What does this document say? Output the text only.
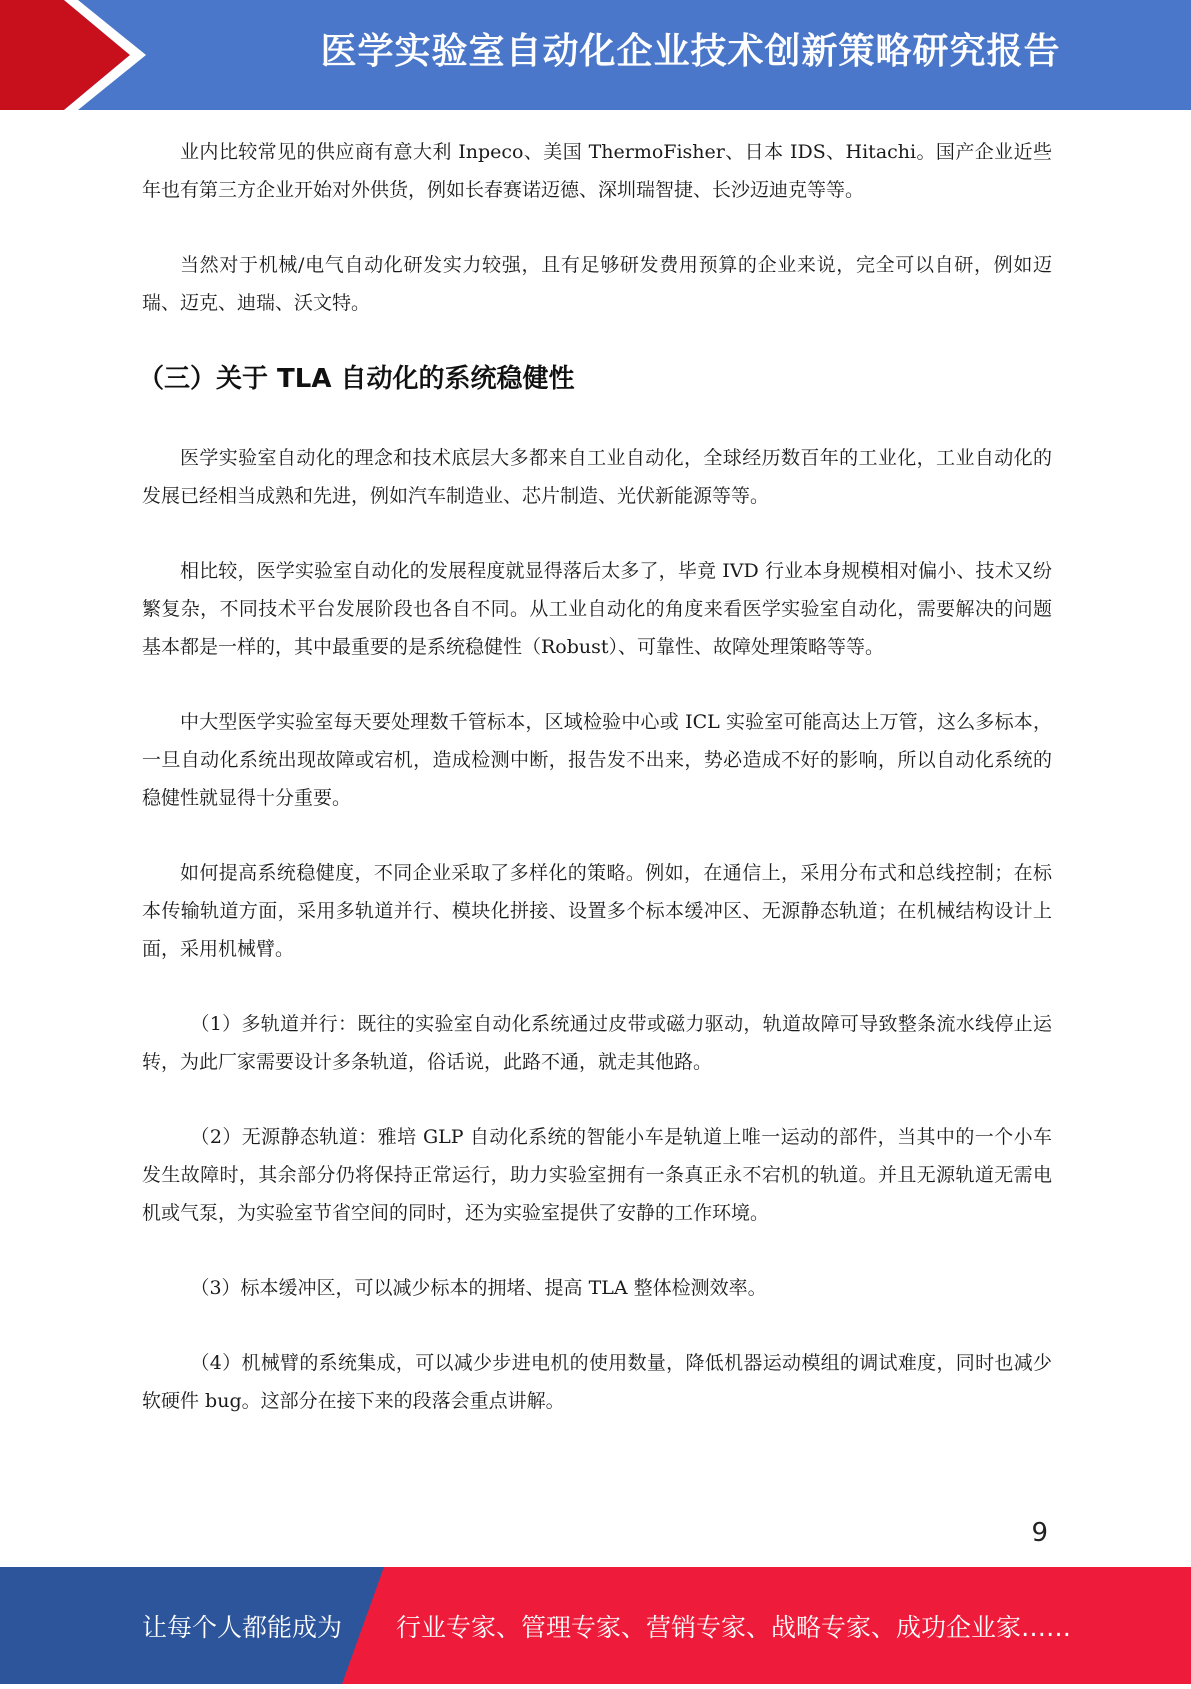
医学实验室自动化企业技术创新策略研究报告

业内比较常见的供应商有意大利 Inpeco、美国 ThermoFisher、日本 IDS、Hitachi。国产企业近些年也有第三方企业开始对外供货，例如长春赛诺迈德、深圳瑞智捷、长沙迈迪克等等。

当然对于机械/电气自动化研发实力较强，且有足够研发费用预算的企业来说，完全可以自研，例如迈瑞、迈克、迪瑞、沃文特。

（三）关于 TLA 自动化的系统稳健性

医学实验室自动化的理念和技术底层大多都来自工业自动化，全球经历数百年的工业化，工业自动化的发展已经相当成熟和先进，例如汽车制造业、芯片制造、光伏新能源等等。

相比较，医学实验室自动化的发展程度就显得落后太多了，毕竟 IVD 行业本身规模相对偏小、技术又纷繁复杂，不同技术平台发展阶段也各自不同。从工业自动化的角度来看医学实验室自动化，需要解决的问题基本都是一样的，其中最重要的是系统稳健性（Robust）、可靠性、故障处理策略等等。

中大型医学实验室每天要处理数千管标本，区域检验中心或 ICL 实验室可能高达上万管，这么多标本，一旦自动化系统出现故障或宕机，造成检测中断，报告发不出来，势必造成不好的影响，所以自动化系统的稳健性就显得十分重要。

如何提高系统稳健度，不同企业采取了多样化的策略。例如，在通信上，采用分布式和总线控制；在标本传输轨道方面，采用多轨道并行、模块化拼接、设置多个标本缓冲区、无源静态轨道；在机械结构设计上面，采用机械臂。

（1）多轨道并行：既往的实验室自动化系统通过皮带或磁力驱动，轨道故障可导致整条流水线停止运转，为此厂家需要设计多条轨道，俗话说，此路不通，就走其他路。

（2）无源静态轨道：雅培 GLP 自动化系统的智能小车是轨道上唯一运动的部件，当其中的一个小车发生故障时，其余部分仍将保持正常运行，助力实验室拥有一条真正永不宕机的轨道。并且无源轨道无需电机或气泵，为实验室节省空间的同时，还为实验室提供了安静的工作环境。

（3）标本缓冲区，可以减少标本的拥堵、提高 TLA 整体检测效率。

（4）机械臂的系统集成，可以减少步进电机的使用数量，降低机器运动模组的调试难度，同时也减少软硬件 bug。这部分在接下来的段落会重点讲解。

9
让每个人都能成为 行业专家、管理专家、营销专家、战略专家、成功企业家……
